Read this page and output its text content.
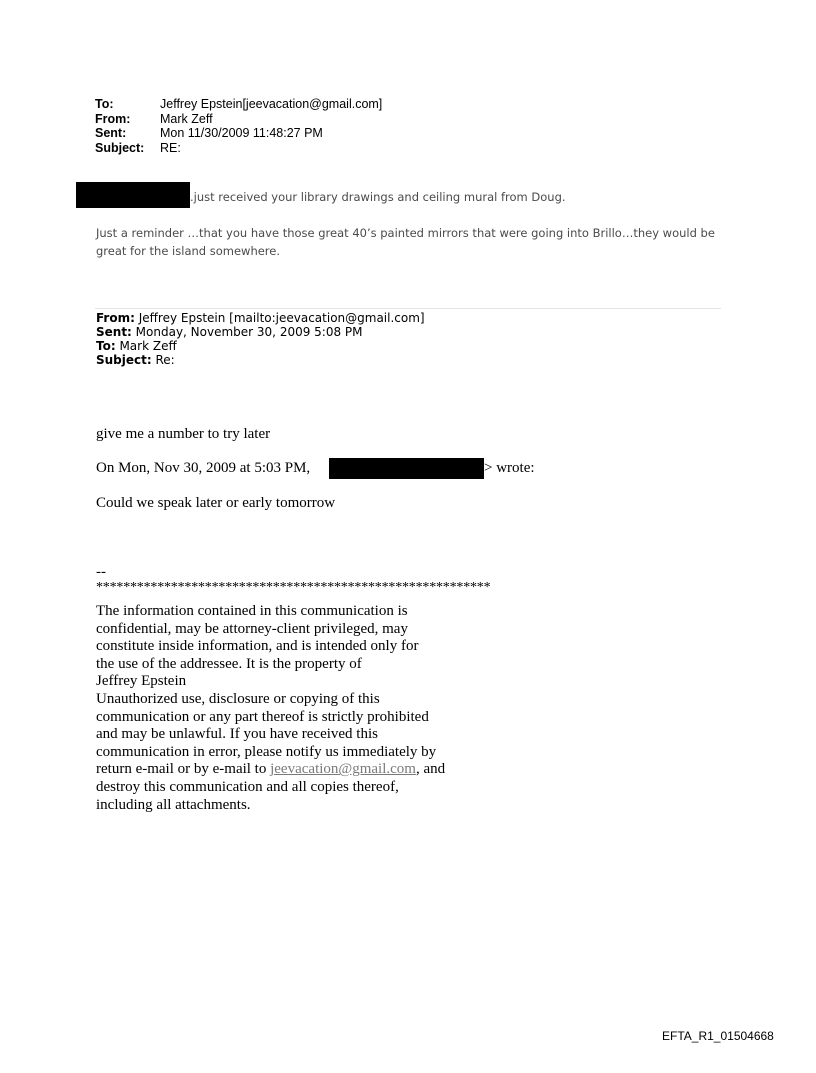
To:	Jeffrey Epstein[jeevacation@gmail.com]
From:	Mark Zeff
Sent:	Mon 11/30/2009 11:48:27 PM
Subject:	RE:
.just received your library drawings and ceiling mural from Doug.
Just a reminder …that you have those great 40’s painted mirrors that were going into Brillo…they would be great for the island somewhere.
From: Jeffrey Epstein [mailto:jeevacation@gmail.com]
Sent: Monday, November 30, 2009 5:08 PM
To: Mark Zeff
Subject: Re:
give me a number to try later
On Mon, Nov 30, 2009 at 5:03 PM,	> wrote:
Could we speak later or early tomorrow
--
**********************************************************
The information contained in this communication is
confidential, may be attorney-client privileged, may
constitute inside information, and is intended only for
the use of the addressee. It is the property of
Jeffrey Epstein
Unauthorized use, disclosure or copying of this
communication or any part thereof is strictly prohibited
and may be unlawful. If you have received this
communication in error, please notify us immediately by
return e-mail or by e-mail to jeevacation@gmail.com, and
destroy this communication and all copies thereof,
including all attachments.
EFTA_R1_01504668
